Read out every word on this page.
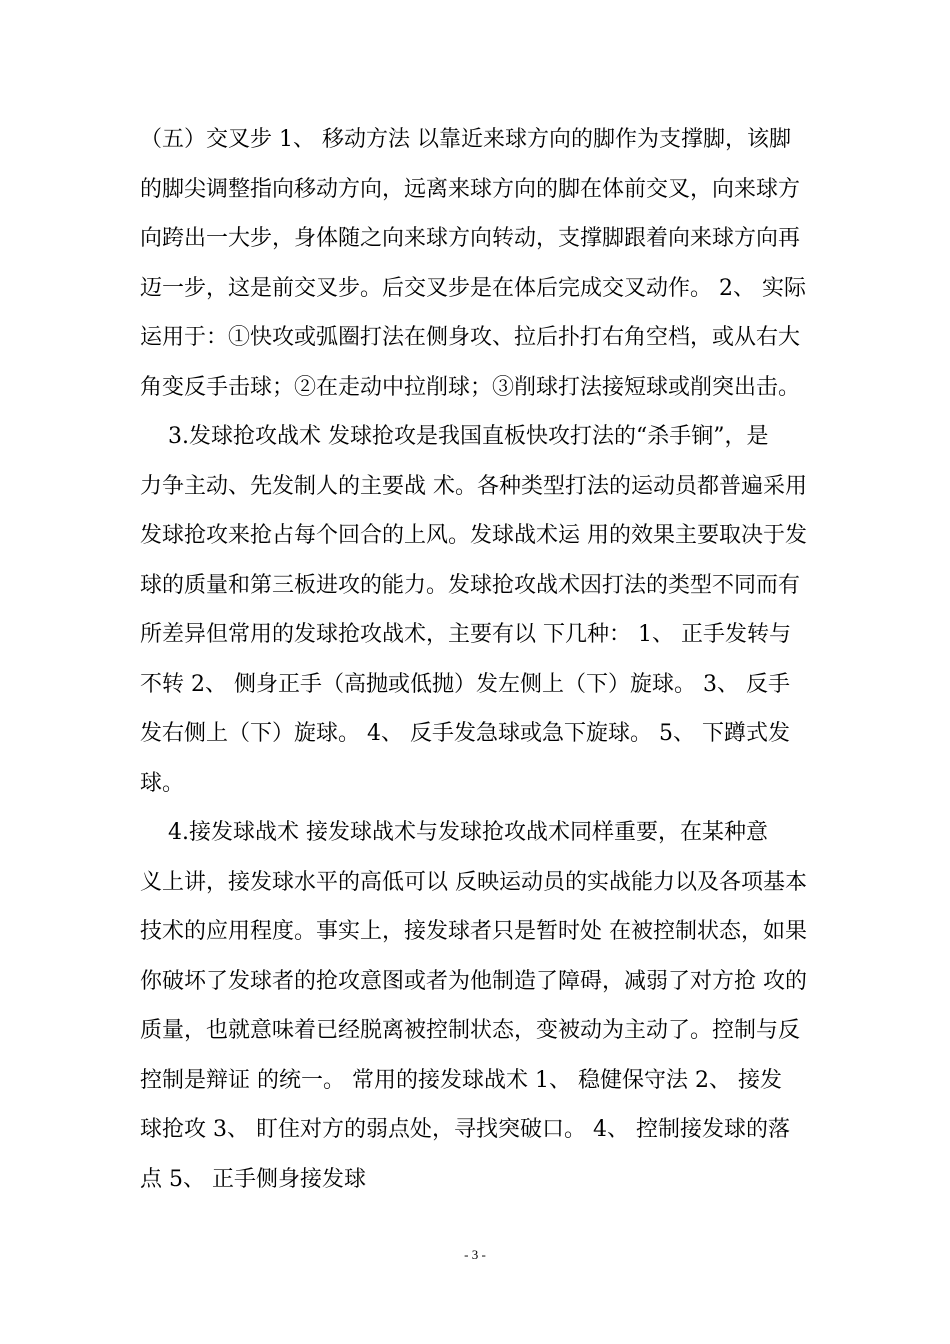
（五）交叉步 1、 移动方法 以靠近来球方向的脚作为支撑脚，该脚
的脚尖调整指向移动方向，远离来球方向的脚在体前交叉，向来球方
向跨出一大步，身体随之向来球方向转动，支撑脚跟着向来球方向再
迈一步，这是前交叉步。后交叉步是在体后完成交叉动作。 2、 实际
运用于：①快攻或弧圈打法在侧身攻、拉后扑打右角空档，或从右大
角变反手击球；②在走动中拉削球；③削球打法接短球或削突出击。
3.发球抢攻战术 发球抢攻是我国直板快攻打法的“杀手锏”，是
力争主动、先发制人的主要战 术。各种类型打法的运动员都普遍采用
发球抢攻来抢占每个回合的上风。发球战术运 用的效果主要取决于发
球的质量和第三板进攻的能力。发球抢攻战术因打法的类型不同而有
所差异但常用的发球抢攻战术，主要有以 下几种： 1、 正手发转与
不转 2、 侧身正手（高抛或低抛）发左侧上（下）旋球。 3、 反手
发右侧上（下）旋球。 4、 反手发急球或急下旋球。 5、 下蹲式发
球。
4.接发球战术 接发球战术与发球抢攻战术同样重要，在某种意
义上讲，接发球水平的高低可以 反映运动员的实战能力以及各项基本
技术的应用程度。事实上，接发球者只是暂时处 在被控制状态，如果
你破坏了发球者的抢攻意图或者为他制造了障碍，减弱了对方抢 攻的
质量，也就意味着已经脱离被控制状态，变被动为主动了。控制与反
控制是辩证 的统一。 常用的接发球战术 1、 稳健保守法 2、 接发
球抢攻 3、 盯住对方的弱点处，寻找突破口。 4、 控制接发球的落
点 5、 正手侧身接发球
- 3 -
